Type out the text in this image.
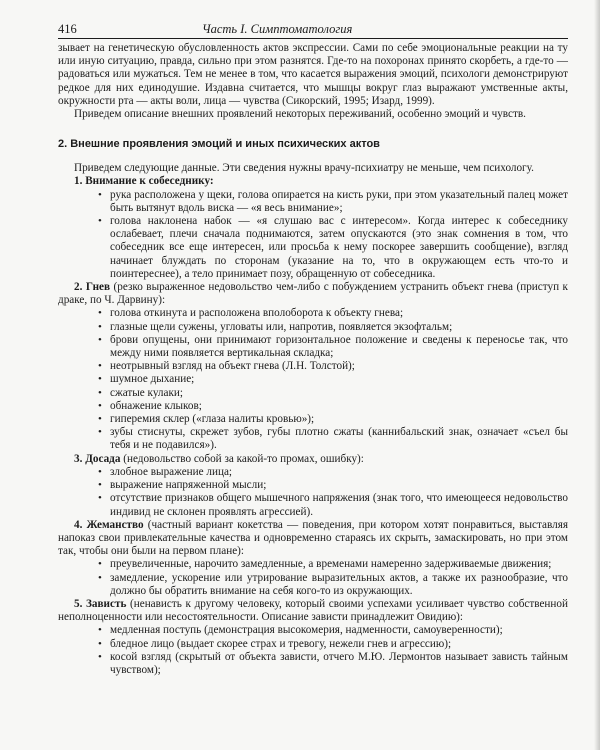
416	Часть I. Симптоматология

зывает на генетическую обусловленность актов экспрессии. Сами по себе эмоциональные реакции на ту или иную ситуацию, правда, сильно при этом разнятся. Где-то на похоронах принято скорбеть, а где-то — радоваться или мужаться. Тем не менее в том, что касается выражения эмоций, психологи демонстрируют редкое для них единодушие. Издавна считается, что мышцы вокруг глаз выражают умственные акты, окружности рта — акты воли, лица — чувства (Сикорский, 1995; Изард, 1999).

Приведем описание внешних проявлений некоторых переживаний, особенно эмоций и чувств.

2. Внешние проявления эмоций и иных психических актов

Приведем следующие данные. Эти сведения нужны врачу-психиатру не меньше, чем психологу.

1. Внимание к собеседнику:

• рука расположена у щеки, голова опирается на кисть руки, при этом указательный палец может быть вытянут вдоль виска — «я весь внимание»;
• голова наклонена набок — «я слушаю вас с интересом». Когда интерес к собеседнику ослабевает, плечи сначала поднимаются, затем опускаются (это знак сомнения в том, что собеседник все еще интересен, или просьба к нему поскорее завершить сообщение), взгляд начинает блуждать по сторонам (указание на то, что в окружающем есть что-то и поинтереснее), а тело принимает позу, обращенную от собеседника.

2. Гнев (резко выраженное недовольство чем-либо с побуждением устранить объект гнева (приступ к драке, по Ч. Дарвину):

• голова откинута и расположена вполоборота к объекту гнева;
• глазные щели сужены, угловаты или, напротив, появляется экзофтальм;
• брови опущены, они принимают горизонтальное положение и сведены к переносье так, что между ними появляется вертикальная складка;
• неотрывный взгляд на объект гнева (Л.Н. Толстой);
• шумное дыхание;
• сжатые кулаки;
• обнажение клыков;
• гиперемия склер («глаза налиты кровью»);
• зубы стиснуты, скрежет зубов, губы плотно сжаты (каннибальский знак, означает «съел бы тебя и не подавился»).

3. Досада (недовольство собой за какой-то промах, ошибку):

• злобное выражение лица;
• выражение напряженной мысли;
• отсутствие признаков общего мышечного напряжения (знак того, что имеющееся недовольство индивид не склонен проявлять агрессией).

4. Жеманство (частный вариант кокетства — поведения, при котором хотят понравиться, выставляя напоказ свои привлекательные качества и одновременно стараясь их скрыть, замаскировать, но при этом так, чтобы они были на первом плане):

• преувеличенные, нарочито замедленные, а временами намеренно задерживаемые движения;
• замедление, ускорение или утрирование выразительных актов, а также их разнообразие, что должно бы обратить внимание на себя кого-то из окружающих.

5. Зависть (ненависть к другому человеку, который своими успехами усиливает чувство собственной неполноценности или несостоятельности. Описание зависти принадлежит Овидию):

• медленная поступь (демонстрация высокомерия, надменности, самоуверенности);
• бледное лицо (выдает скорее страх и тревогу, нежели гнев и агрессию);
• косой взгляд (скрытый от объекта зависти, отчего М.Ю. Лермонтов называет зависть тайным чувством);
